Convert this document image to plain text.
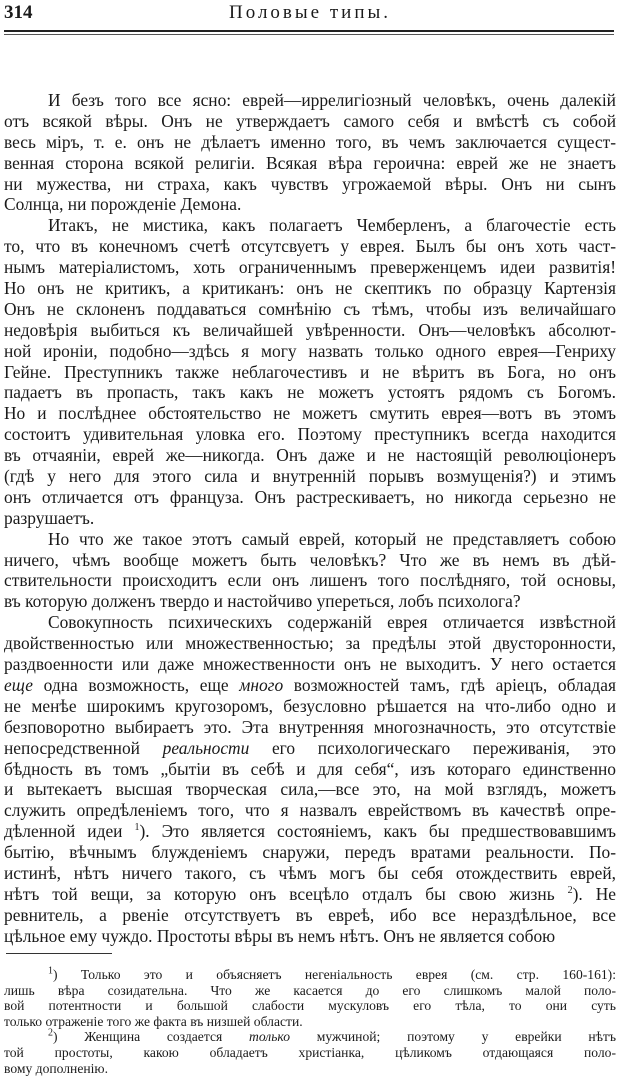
314	Половые типы.
И безъ того все ясно: еврей—иррелигіозный человѣкъ, очень далекій
отъ всякой вѣры. Онъ не утверждаетъ самого себя и вмѣстѣ съ собой
весь міръ, т. е. онъ не дѣлаетъ именно того, въ чемъ заключается сущест-
венная сторона всякой религіи. Всякая вѣра героична: еврей же не знаетъ
ни мужества, ни страха, какъ чувствъ угрожаемой вѣры. Онъ ни сынъ
Солнца, ни порожденіе Демона.
Итакъ, не мистика, какъ полагаетъ Чемберленъ, а благочестіе есть
то, что въ конечномъ счетѣ отсутсвуетъ у еврея. Былъ бы онъ хоть част-
нымъ матеріалистомъ, хоть ограниченнымъ преверженцемъ идеи развитія!
Но онъ не критикъ, а критиканъ: онъ не скептикъ по образцу Картензія
Онъ не склоненъ поддаваться сомнѣнію съ тѣмъ, чтобы изъ величайшаго
недовѣрія выбиться къ величайшей увѣренности. Онъ—человѣкъ абсолют-
ной ироніи, подобно—здѣсь я могу назвать только одного еврея—Генриху
Гейне. Преступникъ также неблагочестивъ и не вѣритъ въ Бога, но онъ
падаетъ въ пропасть, такъ какъ не можетъ устоятъ рядомъ съ Богомъ.
Но и послѣднее обстоятельство не можетъ смутить еврея—вотъ въ этомъ
состоитъ удивительная уловка его. Поэтому преступникъ всегда находится
въ отчаяніи, еврей же—никогда. Онъ даже и не настоящій революціонеръ
(гдѣ у него для этого сила и внутренній порывъ возмущенія?) и этимъ
онъ отличается отъ француза. Онъ растрескиваетъ, но никогда серьезно не
разрушаетъ.
Но что же такое этотъ самый еврей, который не представляетъ собою
ничего, чѣмъ вообще можетъ быть человѣкъ? Что же въ немъ въ дѣй-
ствительности происходитъ если онъ лишенъ того послѣдняго, той основы,
въ которую долженъ твердо и настойчиво упереться, лобъ психолога?
Совокупность психическихъ содержаній еврея отличается извѣстной
двойственностью или множественностью; за предѣлы этой двусторонности,
раздвоенности или даже множественности онъ не выходитъ. У него остается
еще одна возможность, еще много возможностей тамъ, гдѣ аріецъ, обладая
не менѣе широкимъ кругозоромъ, безусловно рѣшается на что-либо одно и
безповоротно выбираетъ это. Эта внутренняя многозначность, это отсутствіе
непосредственной реальности его психологическаго переживанія, это
бѣдность въ томъ „бытіи въ себѣ и для себя“, изъ котораго единственно
и вытекаетъ высшая творческая сила,—все это, на мой взглядъ, можетъ
служить опредѣленіемъ того, что я назвалъ еврействомъ въ качествѣ опре-
дѣленной идеи $^1$). Это является состояніемъ, какъ бы предшествовавшимъ
бытію, вѣчнымъ блужденіемъ снаружи, передъ вратами реальности. По-
истинѣ, нѣтъ ничего такого, съ чѣмъ могъ бы себя отождествить еврей,
нѣтъ той вещи, за которую онъ всецѣло отдалъ бы свою жизнь $^2$). Не
ревнитель, а рвеніе отсутствуетъ въ евреѣ, ибо все нераздѣльное, все
цѣльное ему чуждо. Простоты вѣры въ немъ нѣтъ. Онъ не является собою
$^1$) Только это и объясняетъ негеніальность еврея (см. стр. 160-161):
лишь вѣра созидательна. Что же касается до его слишкомъ малой поло-
вой потентности и большой слабости мускуловъ его тѣла, то они суть
только отраженіе того же факта въ низшей области.
$^2$) Женщина создается только мужчиной; поэтому у еврейки нѣтъ
той простоты, какою обладаетъ христіанка, цѣликомъ отдающаяся поло-
вому дополненію.
